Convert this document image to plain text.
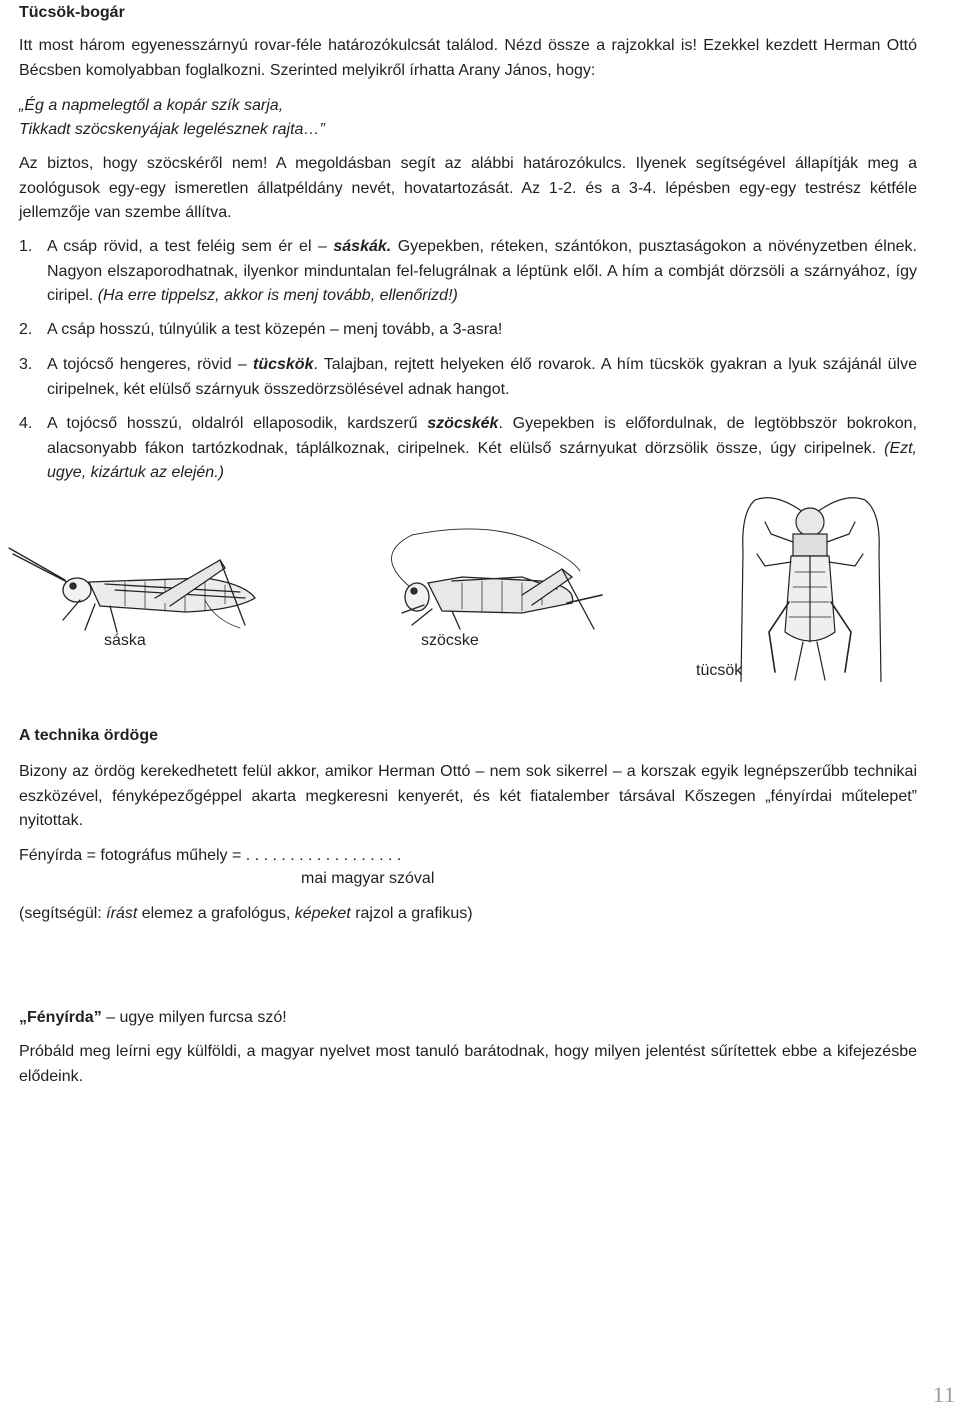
Tücsök-bogár
Itt most három egyenesszárnyú rovar-féle határozókulcsát találod. Nézd össze a rajzokkal is! Ezekkel kezdett Herman Ottó Bécsben komolyabban foglalkozni. Szerinted melyikről írhatta Arany János, hogy:
„Ég a napmelegtől a kopár szík sarja,
Tikkadt szöcskenyájak legelésznek rajta…”
Az biztos, hogy szöcskéről nem! A megoldásban segít az alábbi határozókulcs. Ilyenek segítségével állapítják meg a zoológusok egy-egy ismeretlen állatpéldány nevét, hovatartozását. Az 1-2. és a 3-4. lépésben egy-egy testrész kétféle jellemzője van szembe állítva.
1. A csáp rövid, a test feléig sem ér el – sáskák. Gyepekben, réteken, szántókon, pusztaságokon a növényzetben élnek. Nagyon elszaporodhatnak, ilyenkor minduntalan fel-felugrálnak a léptünk elől. A hím a combját dörzsöli a szárnyához, így ciripel. (Ha erre tippelsz, akkor is menj tovább, ellenőrizd!)
2. A csáp hosszú, túlnyúlik a test közepén – menj tovább, a 3-asra!
3. A tojócső hengeres, rövid – tücskök. Talajban, rejtett helyeken élő rovarok. A hím tücskök gyakran a lyuk szájánál ülve ciripelnek, két elülső szárnyuk összedörzsölésével adnak hangot.
4. A tojócső hosszú, oldalról ellaposodik, kardszerű szöcskék. Gyepekben is előfordulnak, de legtöbbször bokrokon, alacsonyabb fákon tartózkodnak, táplálkoznak, ciripelnek. Két elülső szárnyukat dörzsölik össze, úgy ciripelnek. (Ezt, ugye, kizártuk az elején.)
A technika ördöge
Bizony az ördög kerekedhetett felül akkor, amikor Herman Ottó – nem sok sikerrel – a korszak egyik legnépszerűbb technikai eszközével, fényképezőgéppel akarta megkeresni kenyerét, és két fiatalember társával Kőszegen „fényírdai műtelepet” nyitottak.
Fényírda = fotográfus műhely = . . . . . . . . . . . . . . . . . .
mai magyar szóval
(segítségül: írást elemez a grafológus, képeket rajzol a grafikus)
„Fényírda” – ugye milyen furcsa szó!
Próbáld meg leírni egy külföldi, a magyar nyelvet most tanuló barátodnak, hogy milyen jelentést sűrítettek ebbe a kifejezésbe elődeink.
sáska	szöcske
tücsök
11
